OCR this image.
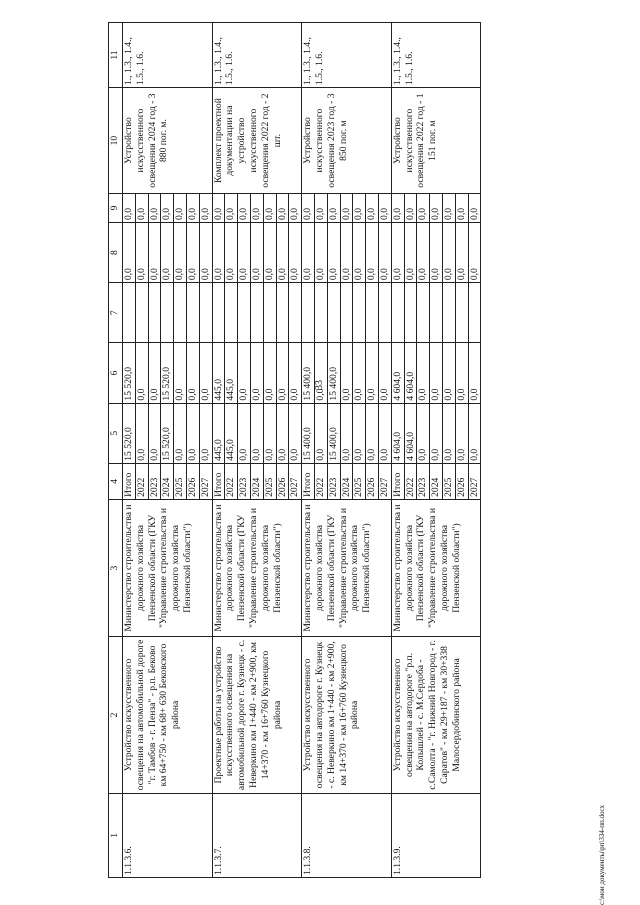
33
c:\мои документы\рп\334-пп.docx
1	2	3	4	5	6	7	8	9	10	11
1.1.3.6.	Устройство искусственного освещения на автомобильной дороге "г. Тамбов - г. Пенза" - р.п. Беково км 64+750 - км 68+ 630 Бековского района	Министерство строительства и дорожного хозяйства Пензенской области (ГКУ "Управление строительства и дорожного хозяйства Пензенской области")	Итого	15 520,0	15 520,0		0,0	0,0	Устройство искусственного освещения 2024 год - 3 880 пог. м.	1., 1.3., 1.4., 1.5., 1.6.
			2022	0,0	0,0		0,0	0,0		
			2023	0,0	0,0		0,0	0,0		
			2024	15 520,0	15 520,0		0,0	0,0		
			2025	0,0	0,0		0,0	0,0		
			2026	0,0	0,0		0,0	0,0		
			2027	0,0	0,0		0,0	0,0		
1.1.3.7.	Проектные работы на устройство искусственного освещения на автомобильной дороге г. Кузнецк - с. Неверкино км 1+440 - км 2+900, км 14+370 - км 16+760 Кузнецкого района	Министерство строительства и дорожного хозяйства Пензенской области (ГКУ "Управление строительства и дорожного хозяйства Пензенской области")	Итого	445,0	445,0		0,0	0,0	Комплект проектной документации на устройство искусственного освещения 2022 год - 2 шт.	1., 1.3., 1.4., 1.5., 1.6.
			2022	445,0	445,0		0,0	0,0		
			2023	0,0	0,0		0,0	0,0		
			2024	0,0	0,0		0,0	0,0		
			2025	0,0	0,0		0,0	0,0		
			2026	0,0	0,0		0,0	0,0		
			2027	0,0	0,0		0,0	0,0		
1.1.3.8.	Устройство искусственного освещения на автодороге г. Кузнецк - с. Неверкино км 1+440 - км 2+900, км 14+370 - км 16+760 Кузнецкого района	Министерство строительства и дорожного хозяйства Пензенской области (ГКУ "Управление строительства и дорожного хозяйства Пензенской области")	Итого	15 400,0	15 400,0		0,0	0,0	Устройство искусственного освещения 2023 год - 3 850 пог. м	1., 1.3., 1.4., 1.5., 1.6.
			2022	0,0	0,0		0,0	0,0		
			2023	15 400,0	15 400,0		0,0	0,0		
			2024	0,0	0,0		0,0	0,0		
			2025	0,0	0,0		0,0	0,0		
			2026	0,0	0,0		0,0	0,0		
			2027	0,0	0,0		0,0	0,0		
1.1.3.9.	Устройство искусственного освещения на автодороге "р.п. Колышлей - с. М.Сердоба - с.Самолта - "г. Нижний Новгород - г. Саратов" - км 29+187 - км 30+338 Малосердобинского района	Министерство строительства и дорожного хозяйства Пензенской области (ГКУ "Управление строительства и дорожного хозяйства Пензенской области")	Итого	4 604,0	4 604,0		0,0	0,0	Устройство искусственного освещения 2022 год - 1 151 пог. м	1., 1.3., 1.4., 1.5., 1.6.
			2022	4 604,0	4 604,0		0,0	0,0		
			2023	0,0	0,0		0,0	0,0		
			2024	0,0	0,0		0,0	0,0		
			2025	0,0	0,0		0,0	0,0		
			2026	0,0	0,0		0,0	0,0		
			2027	0,0	0,0		0,0	0,0		
